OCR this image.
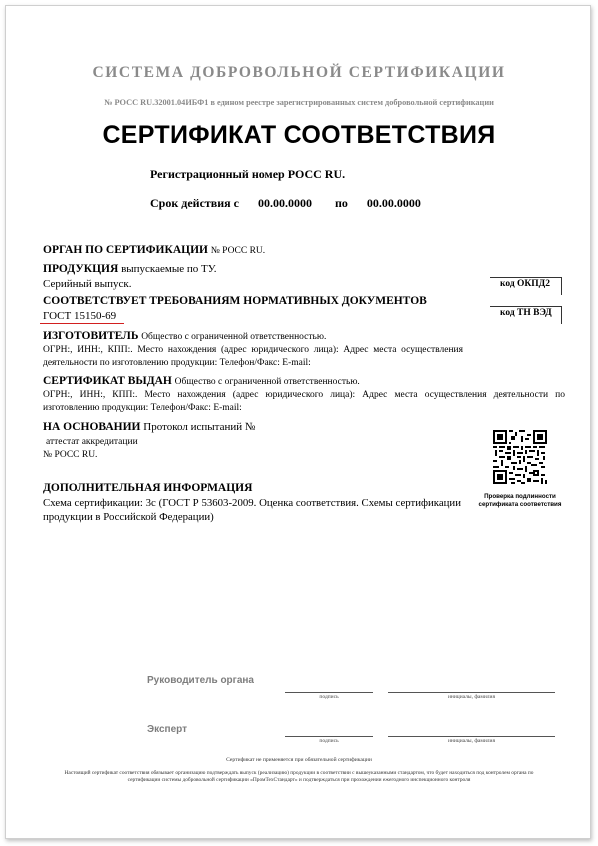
СИСТЕМА ДОБРОВОЛЬНОЙ СЕРТИФИКАЦИИ
№ РОСС RU.32001.04ИБФ1 в едином реестре зарегистрированных систем добровольной сертификации
СЕРТИФИКАТ СООТВЕТСТВИЯ
Регистрационный номер РОСС RU.
Срок действия с 00.00.0000 по 00.00.0000
ОРГАН ПО СЕРТИФИКАЦИИ № РОСС RU.
ПРОДУКЦИЯ выпускаемые по ТУ.
Серийный выпуск.	код ОКПД2
код ТН ВЭД
СООТВЕТСТВУЕТ ТРЕБОВАНИЯМ НОРМАТИВНЫХ ДОКУМЕНТОВ
ГОСТ 15150-69
ИЗГОТОВИТЕЛЬ Общество с ограниченной ответственностью.
ОГРН:, ИНН:, КПП:. Место нахождения (адрес юридического лица): Адрес места осуществления деятельности по изготовлению продукции: Телефон/Факс: E-mail:
СЕРТИФИКАТ ВЫДАН Общество с ограниченной ответственностью.
ОГРН:, ИНН:, КПП:. Место нахождения (адрес юридического лица): Адрес места осуществления деятельности по изготовлению продукции: Телефон/Факс: E-mail:
НА ОСНОВАНИИ Протокол испытаний №
аттестат аккредитации
№ РОСС RU.
Проверка подлинности сертификата соответствия
ДОПОЛНИТЕЛЬНАЯ ИНФОРМАЦИЯ
Схема сертификации: 3с (ГОСТ Р 53603-2009. Оценка соответствия. Схемы сертификации продукции в Российской Федерации)
Руководитель органа
подпись	инициалы, фамилия
Эксперт
подпись	инициалы, фамилия
Сертификат не применяется при обязательной сертификации
Настоящий сертификат соответствия обязывает организацию подтверждать выпуск (реализацию) продукции в соответствии с вышеуказанными стандартом, что будет находиться под контролем органа по сертификации системы добровольной сертификации «ПромТехСтандарт» и подтверждаться при прохождении ежегодного инспекционного контроля
